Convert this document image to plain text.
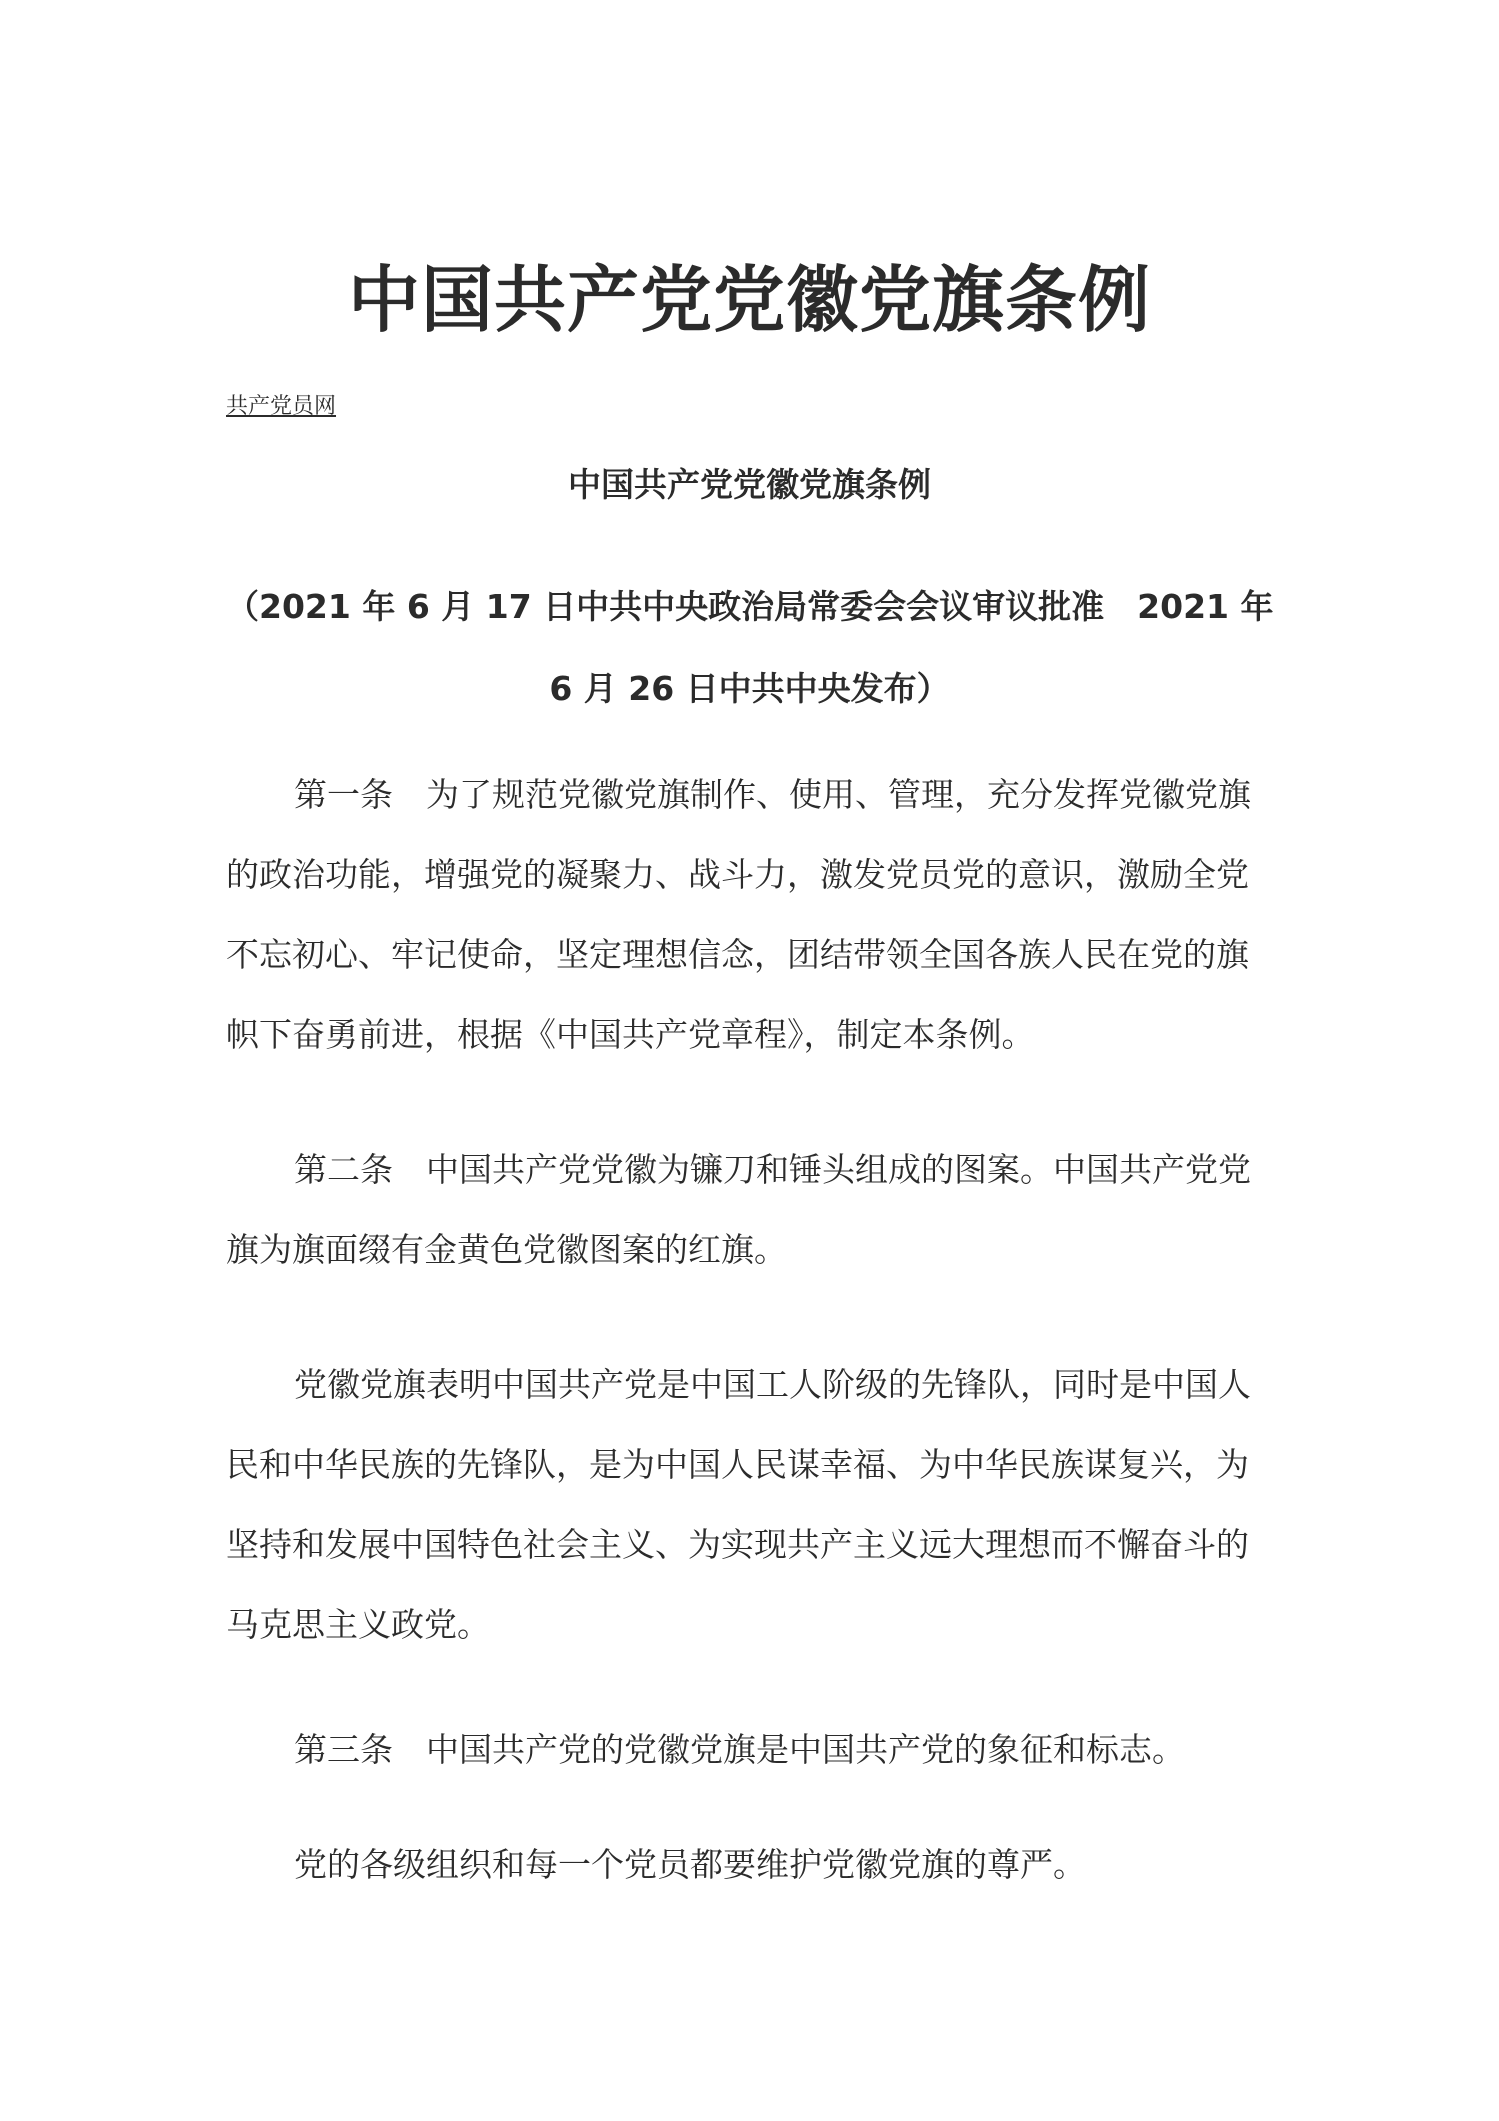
中国共产党党徽党旗条例
共产党员网
中国共产党党徽党旗条例

（2021 年 6 月 17 日中共中央政治局常委会会议审议批准　2021 年

6 月 26 日中共中央发布）

第一条　为了规范党徽党旗制作、使用、管理，充分发挥党徽党旗

的政治功能，增强党的凝聚力、战斗力，激发党员党的意识，激励全党

不忘初心、牢记使命，坚定理想信念，团结带领全国各族人民在党的旗

帜下奋勇前进，根据《中国共产党章程》，制定本条例。

第二条　中国共产党党徽为镰刀和锤头组成的图案。中国共产党党

旗为旗面缀有金黄色党徽图案的红旗。

党徽党旗表明中国共产党是中国工人阶级的先锋队，同时是中国人

民和中华民族的先锋队，是为中国人民谋幸福、为中华民族谋复兴，为

坚持和发展中国特色社会主义、为实现共产主义远大理想而不懈奋斗的

马克思主义政党。

第三条　中国共产党的党徽党旗是中国共产党的象征和标志。

党的各级组织和每一个党员都要维护党徽党旗的尊严。
